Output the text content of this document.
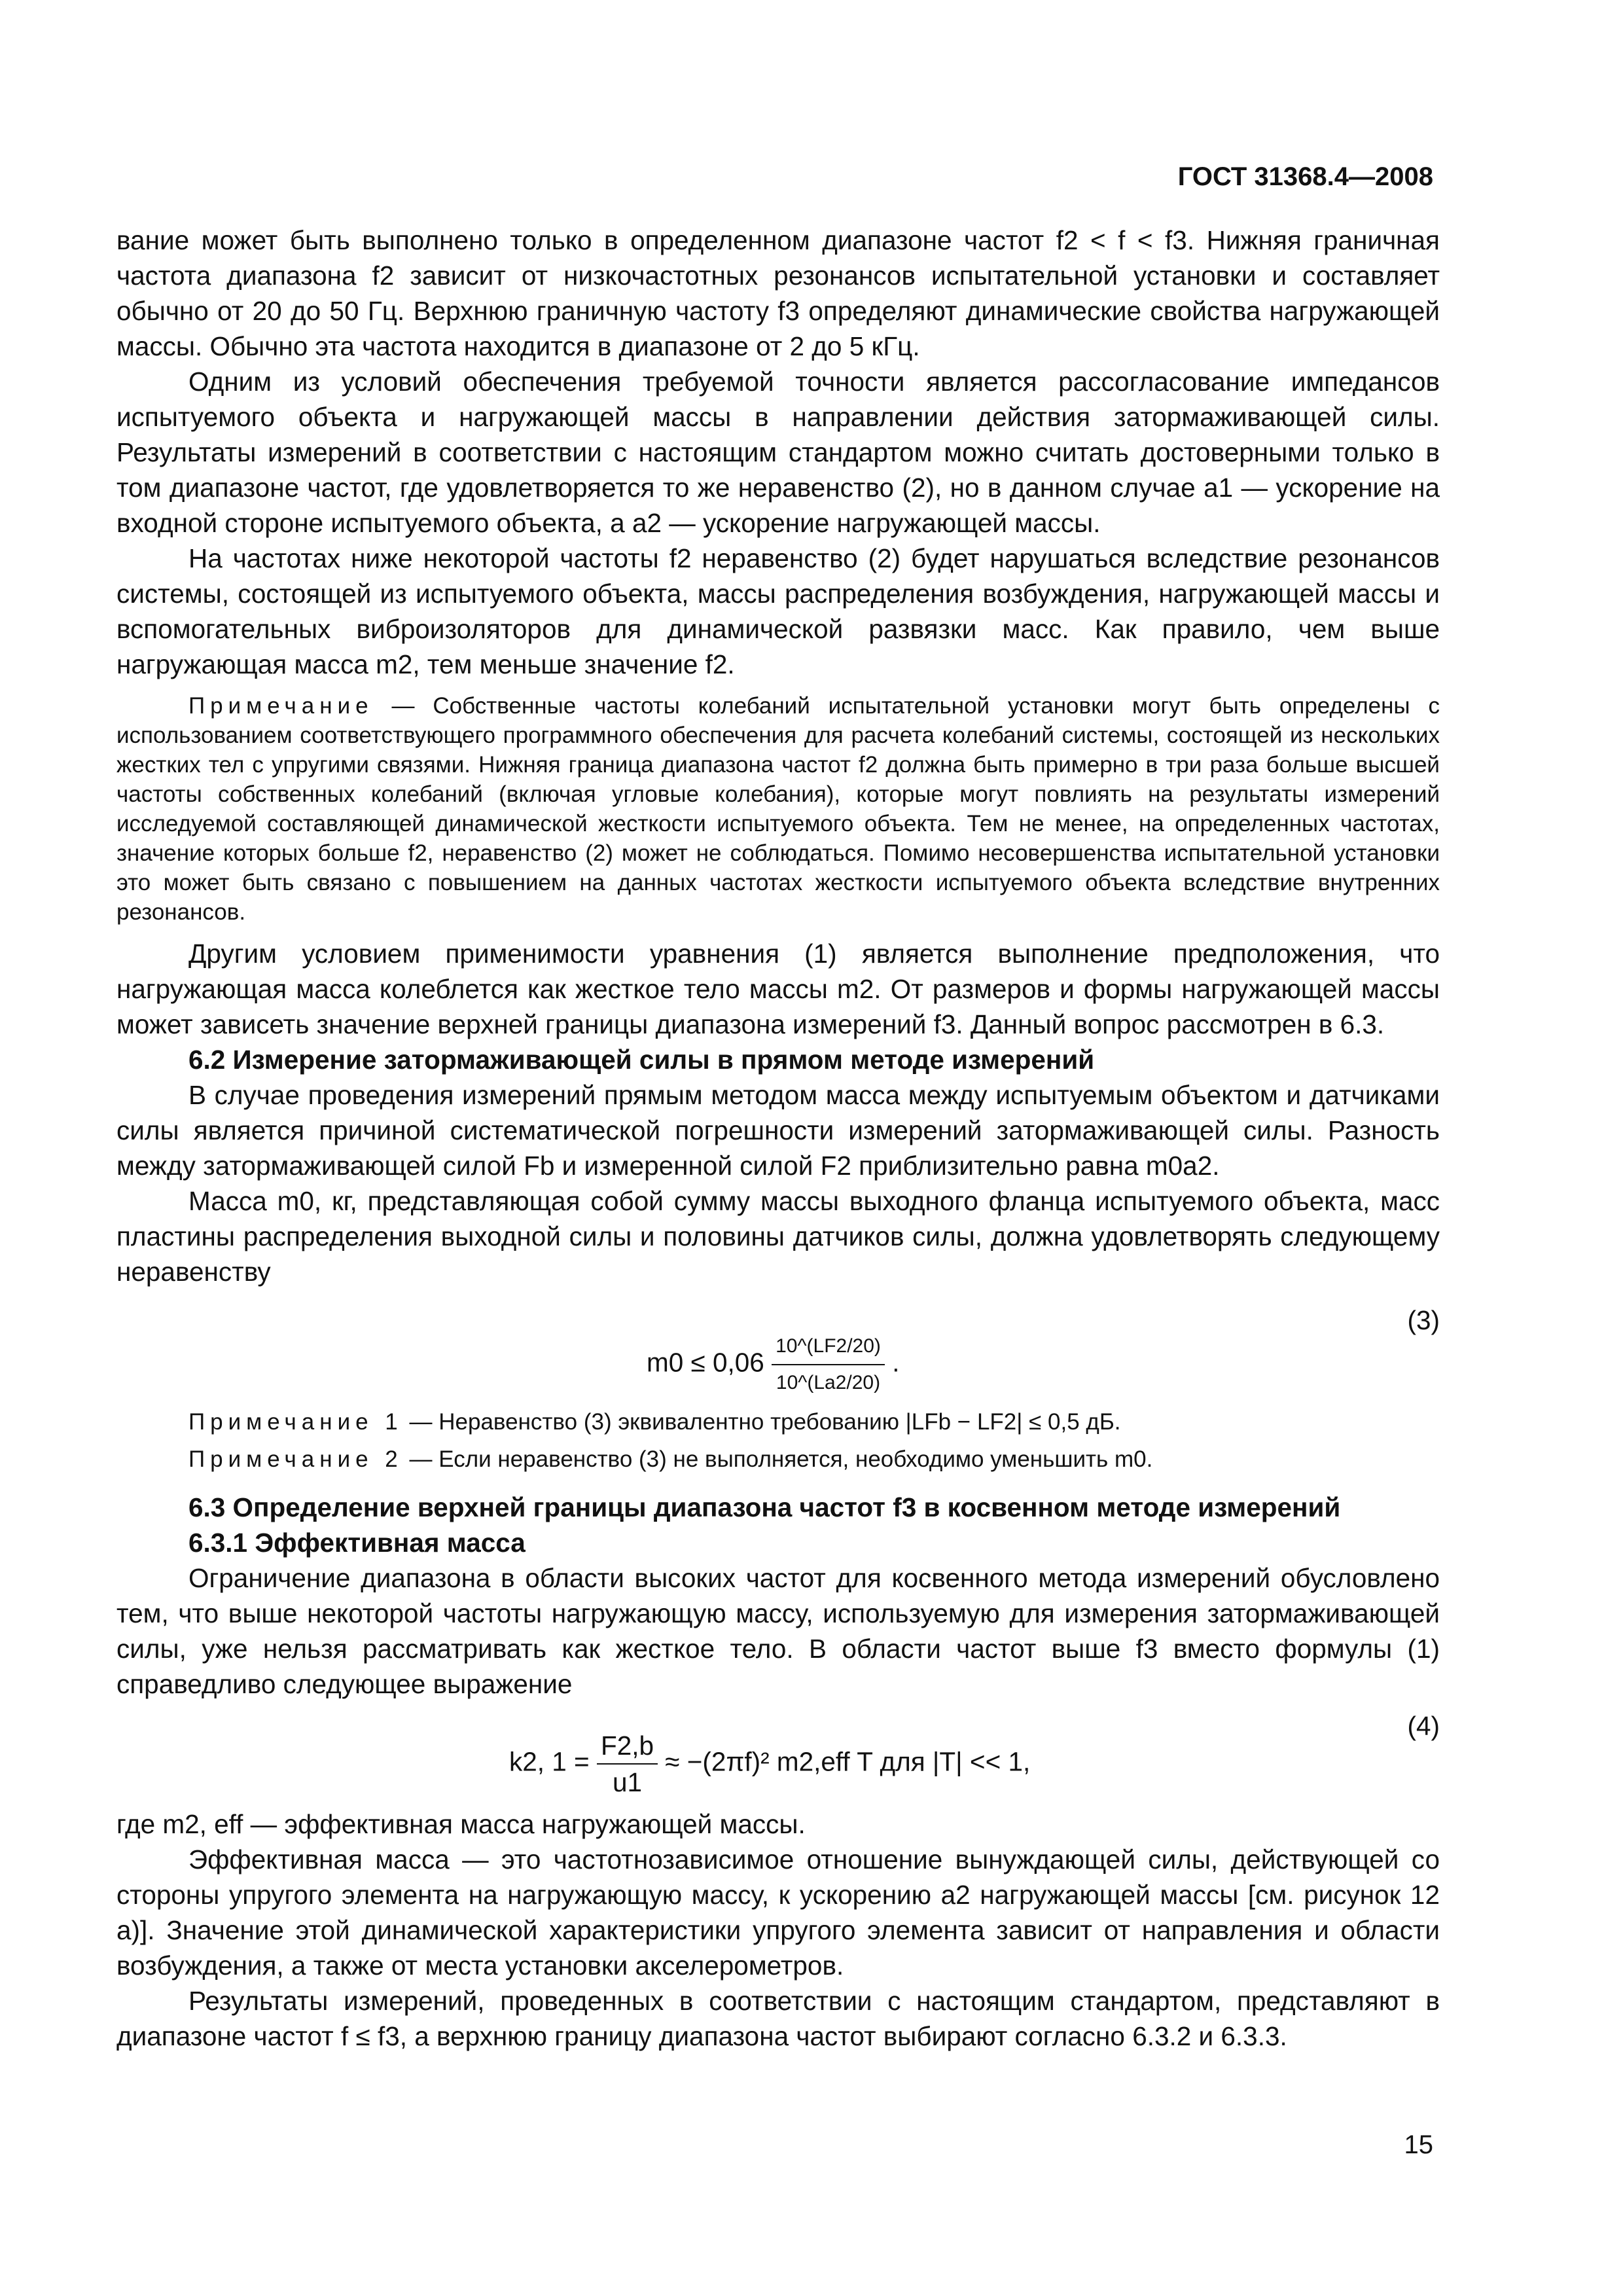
ГОСТ 31368.4—2008

вание может быть выполнено только в определенном диапазоне частот f2 < f < f3. Нижняя граничная частота диапазона f2 зависит от низкочастотных резонансов испытательной установки и составляет обычно от 20 до 50 Гц. Верхнюю граничную частоту f3 определяют динамические свойства нагружающей массы. Обычно эта частота находится в диапазоне от 2 до 5 кГц.

Одним из условий обеспечения требуемой точности является рассогласование импедансов испытуемого объекта и нагружающей массы в направлении действия затормаживающей силы. Результаты измерений в соответствии с настоящим стандартом можно считать достоверными только в том диапазоне частот, где удовлетворяется то же неравенство (2), но в данном случае a1 — ускорение на входной стороне испытуемого объекта, а a2 — ускорение нагружающей массы.

На частотах ниже некоторой частоты f2 неравенство (2) будет нарушаться вследствие резонансов системы, состоящей из испытуемого объекта, массы распределения возбуждения, нагружающей массы и вспомогательных виброизоляторов для динамической развязки масс. Как правило, чем выше нагружающая масса m2, тем меньше значение f2.

Примечание — Собственные частоты колебаний испытательной установки могут быть определены с использованием соответствующего программного обеспечения для расчета колебаний системы, состоящей из нескольких жестких тел с упругими связями. Нижняя граница диапазона частот f2 должна быть примерно в три раза больше высшей частоты собственных колебаний (включая угловые колебания), которые могут повлиять на результаты измерений исследуемой составляющей динамической жесткости испытуемого объекта. Тем не менее, на определенных частотах, значение которых больше f2, неравенство (2) может не соблюдаться. Помимо несовершенства испытательной установки это может быть связано с повышением на данных частотах жесткости испытуемого объекта вследствие внутренних резонансов.

Другим условием применимости уравнения (1) является выполнение предположения, что нагружающая масса колеблется как жесткое тело массы m2. От размеров и формы нагружающей массы может зависеть значение верхней границы диапазона измерений f3. Данный вопрос рассмотрен в 6.3.

6.2 Измерение затормаживающей силы в прямом методе измерений

В случае проведения измерений прямым методом масса между испытуемым объектом и датчиками силы является причиной систематической погрешности измерений затормаживающей силы. Разность между затормаживающей силой Fb и измеренной силой F2 приблизительно равна m0a2.

Масса m0, кг, представляющая собой сумму массы выходного фланца испытуемого объекта, масс пластины распределения выходной силы и половины датчиков силы, должна удовлетворять следующему неравенству

$m0 \le 0,06 \frac{10\^{}(LF2/20)}{10\^{}(La2/20)}$ .
(3)

Примечание 1 — Неравенство (3) эквивалентно требованию |LFb − LF2| ≤ 0,5 дБ.

Примечание 2 — Если неравенство (3) не выполняется, необходимо уменьшить m0.

6.3 Определение верхней границы диапазона частот f3 в косвенном методе измерений

6.3.1 Эффективная масса

Ограничение диапазона в области высоких частот для косвенного метода измерений обусловлено тем, что выше некоторой частоты нагружающую массу, используемую для измерения затормаживающей силы, уже нельзя рассматривать как жесткое тело. В области частот выше f3 вместо формулы (1) справедливо следующее выражение

k2, $1 = \frac{F2,b}{u1} \approx -(2\pi f)^2$ m2,eff T для |T| << 1,
(4)

где m2, eff — эффективная масса нагружающей массы.

Эффективная масса — это частотнозависимое отношение вынуждающей силы, действующей со стороны упругого элемента на нагружающую массу, к ускорению a2 нагружающей массы [см. рисунок 12 а)]. Значение этой динамической характеристики упругого элемента зависит от направления и области возбуждения, а также от места установки акселерометров.

Результаты измерений, проведенных в соответствии с настоящим стандартом, представляют в диапазоне частот f ≤ f3, а верхнюю границу диапазона частот выбирают согласно 6.3.2 и 6.3.3.

15
